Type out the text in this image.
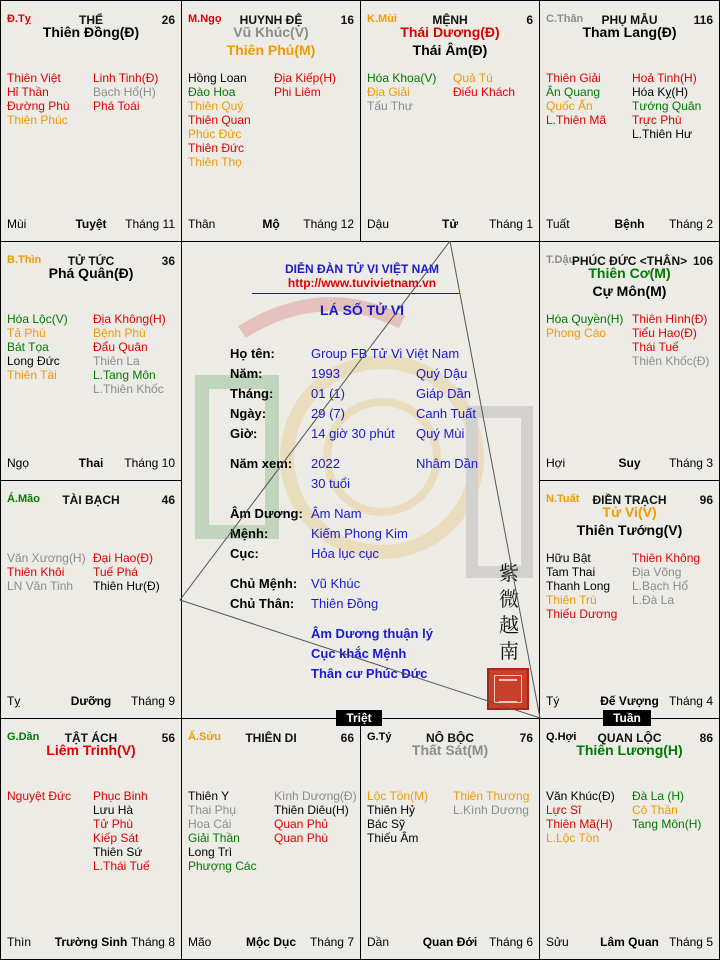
Đ.Tỵ	THỂ	26
Thiên Đồng(Đ)
Thiên Việt
Hỉ Thần
Đường Phù
Thiên Phúc
Linh Tinh(Đ)
Bạch Hổ(H)
Phá Toái
Mùi	Tuyệt	Tháng 11
M.Ngọ	HUYNH ĐỆ	16
Vũ Khúc(V)
Thiên Phủ(M)
Hồng Loan
Đào Hoa
Thiên Quý
Thiên Quan
Phúc Đức
Thiên Đức
Thiên Thọ
Địa Kiếp(H)
Phi Liêm
Thân	Mộ	Tháng 12
K.Mùi	MỆNH	6
Thái Dương(Đ)
Thái Âm(Đ)
Hóa Khoa(V)
Địa Giải
Tấu Thư
Quả Tú
Điếu Khách
Dậu	Tử	Tháng 1
C.Thân	PHỤ MẪU	116
Tham Lang(Đ)
Thiên Giải
Ân Quang
Quốc Ấn
L.Thiên Mã
Hoả Tinh(H)
Hóa Kỵ(H)
Tướng Quân
Trực Phù
L.Thiên Hư
Tuất	Bệnh	Tháng 2
B.Thìn	TỬ TỨC	36
Phá Quân(Đ)
Hóa Lộc(V)
Tả Phù
Bát Tọa
Long Đức
Thiên Tài
Địa Không(H)
Bệnh Phù
Đẩu Quân
Thiên La
L.Tang Môn
L.Thiên Khốc
Ngọ	Thai	Tháng 10
T.Dậu
PHÚC ĐỨC <THÂN> 106
Thiên Cơ(M)
Cự Môn(M)
Hóa Quyền(H)
Phong Cáo
Thiên Hình(Đ)
Tiểu Hao(Đ)
Thái Tuế
Thiên Khốc(Đ)
Hợi	Suy	Tháng 3
Á.Mão	TÀI BẠCH	46
Văn Xương(H)
Thiên Khôi
LN Văn Tinh
Đại Hao(Đ)
Tuế Phá
Thiên Hư(Đ)
Tỵ	Dưỡng	Tháng 9
N.Tuất	ĐIỀN TRẠCH	96
Tử Vi(V)
Thiên Tướng(V)
Hữu Bật
Tam Thai
Thanh Long
Thiên Trù
Thiếu Dương
Thiên Không
Địa Võng
L.Bạch Hổ
L.Đà La
Tý	Đế Vượng Tháng 4
G.Dần	TẬT ÁCH	56
Liêm Trinh(V)
Nguyệt Đức Phục Binh
Lưu Hà
Tử Phù
Kiếp Sát
Thiên Sứ
L.Thái Tuế
Thìn	Trường Sinh Tháng 8
Ấ.Sửu	THIÊN DI	66
Thiên Y
Thai Phụ
Hoa Cái
Giải Thần
Long Trì
Phượng Các
Kình Dương(Đ)
Thiên Diêu(H)
Quan Phủ
Quan Phù
Mão	Mộc Dục	Tháng 7
G.Tý	NÔ BỘC	76
Thất Sát(M)
Lộc Tồn(M)
Thiên Hỷ
Bác Sỹ
Thiếu Âm
Thiên Thương
L.Kình Dương
Dần	Quan Đới Tháng 6
Q.Hợi	QUAN LỘC	86
Thiên Lương(H)
Văn Khúc(Đ)
Lực Sĩ
Thiên Mã(H)
L.Lộc Tồn
Đà La (H)
Cô Thần
Tang Môn(H)
Sửu	Lâm Quan Tháng 5
DIỄN ĐÀN TỬ VI VIỆT NAM
http://www.tuvivietnam.vn
LÁ SỐ TỬ VI
Họ tên:	Group FB Tử Vi Việt Nam
Năm:	1993	Quý Dậu
Tháng:	01 (1)	Giáp Dần
Ngày:	29 (7)	Canh Tuất
Giờ:	14 giờ 30 phút Quý Mùi
Năm xem: 2022	Nhâm Dần
30 tuổi
Âm Dương: Âm Nam
Mệnh:	Kiếm Phong Kim
Cục:	Hỏa lục cục
Chủ Mệnh: Vũ Khúc
Chủ Thân: Thiên Đồng
Âm Dương thuận lý
Cục khắc Mệnh
Thân cư Phúc Đức
紫
微
越
南
Triệt	Tuần
